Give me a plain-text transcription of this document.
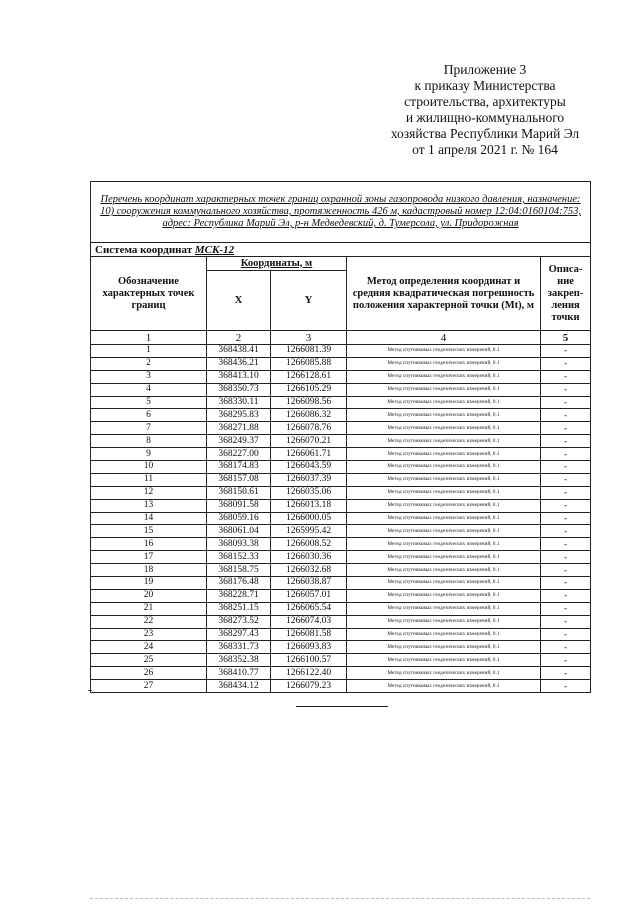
Приложение 3
к приказу Министерства
строительства, архитектуры
и жилищно-коммунального
хозяйства Республики Марий Эл
от 1 апреля 2021 г. № 164
Перечень координат характерных точек границ охранной зоны газопровода низкого давления, назначение: 10) сооружения коммунального хозяйства, протяженность 426 м, кадастровый номер 12:04:0160104:753, адрес: Республика Марий Эл, р-н Медведевский, д. Тумерсола, ул. Придорожная				
Система координат МСК-12				
Обозначение характерных точек границ	Координаты, м		Метод определения координат и средняя квадратическая погрешность положения характерной точки (Mt), м	Описа-ние закреп-ления точки
	X	Y		
1	2	3	4	5
1	368438.41	1266081.39	Метод спутниковых геодезических измерений, 0.1	-
2	368436.21	1266085.88	Метод спутниковых геодезических измерений, 0.1	-
3	368413.10	1266128.61	Метод спутниковых геодезических измерений, 0.1	-
4	368350.73	1266105.29	Метод спутниковых геодезических измерений, 0.1	-
5	368330.11	1266098.56	Метод спутниковых геодезических измерений, 0.1	-
6	368295.83	1266086.32	Метод спутниковых геодезических измерений, 0.1	-
7	368271.88	1266078.76	Метод спутниковых геодезических измерений, 0.1	-
8	368249.37	1266070.21	Метод спутниковых геодезических измерений, 0.1	-
9	368227.00	1266061.71	Метод спутниковых геодезических измерений, 0.1	-
10	368174.83	1266043.59	Метод спутниковых геодезических измерений, 0.1	-
11	368157.08	1266037.39	Метод спутниковых геодезических измерений, 0.1	-
12	368150.61	1266035.06	Метод спутниковых геодезических измерений, 0.1	-
13	368091.58	1266013.18	Метод спутниковых геодезических измерений, 0.1	-
14	368059.16	1266000.05	Метод спутниковых геодезических измерений, 0.1	-
15	368061.04	1265995.42	Метод спутниковых геодезических измерений, 0.1	-
16	368093.38	1266008.52	Метод спутниковых геодезических измерений, 0.1	-
17	368152.33	1266030.36	Метод спутниковых геодезических измерений, 0.1	-
18	368158.75	1266032.68	Метод спутниковых геодезических измерений, 0.1	-
19	368176.48	1266038.87	Метод спутниковых геодезических измерений, 0.1	-
20	368228.71	1266057.01	Метод спутниковых геодезических измерений, 0.1	-
21	368251.15	1266065.54	Метод спутниковых геодезических измерений, 0.1	-
22	368273.52	1266074.03	Метод спутниковых геодезических измерений, 0.1	-
23	368297.43	1266081.58	Метод спутниковых геодезических измерений, 0.1	-
24	368331.73	1266093.83	Метод спутниковых геодезических измерений, 0.1	-
25	368352.38	1266100.57	Метод спутниковых геодезических измерений, 0.1	-
26	368410.77	1266122.40	Метод спутниковых геодезических измерений, 0.1	-
27	368434.12	1266079.23	Метод спутниковых геодезических измерений, 0.1	-
